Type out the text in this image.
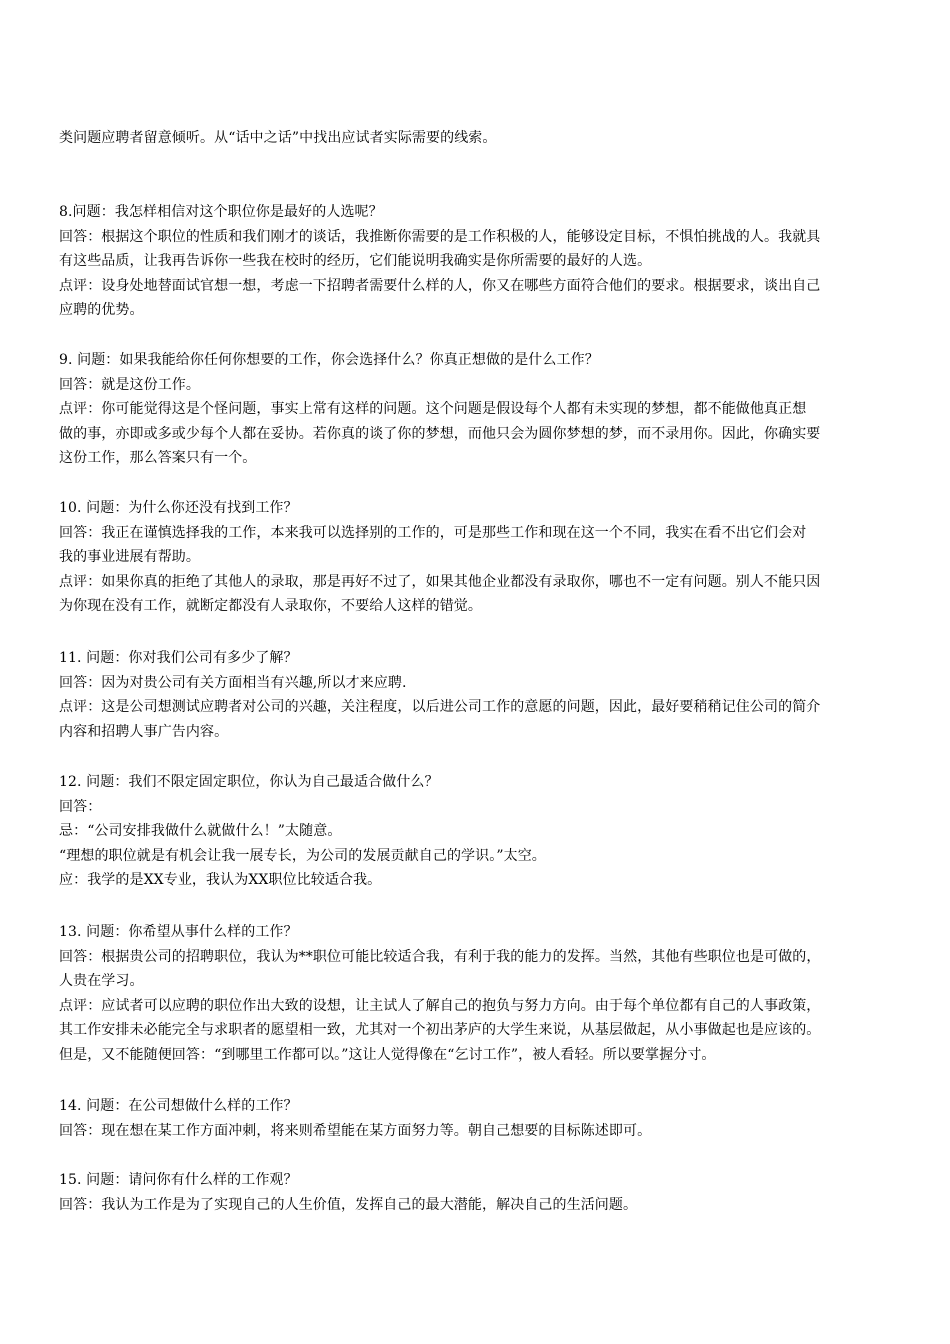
类问题应聘者留意倾听。从“话中之话”中找出应试者实际需要的线索。
8.问题：我怎样相信对这个职位你是最好的人选呢？
回答：根据这个职位的性质和我们刚才的谈话，我推断你需要的是工作积极的人，能够设定目标，不惧怕挑战的人。我就具
有这些品质，让我再告诉你一些我在校时的经历，它们能说明我确实是你所需要的最好的人选。
点评：设身处地替面试官想一想，考虑一下招聘者需要什么样的人，你又在哪些方面符合他们的要求。根据要求，谈出自己
应聘的优势。
9. 问题：如果我能给你任何你想要的工作，你会选择什么？你真正想做的是什么工作？
回答：就是这份工作。
点评：你可能觉得这是个怪问题，事实上常有这样的问题。这个问题是假设每个人都有未实现的梦想，都不能做他真正想
做的事，亦即或多或少每个人都在妥协。若你真的谈了你的梦想，而他只会为圆你梦想的梦，而不录用你。因此，你确实要
这份工作，那么答案只有一个。
10. 问题：为什么你还没有找到工作？
回答：我正在谨慎选择我的工作，本来我可以选择别的工作的，可是那些工作和现在这一个不同，我实在看不出它们会对
我的事业进展有帮助。
点评：如果你真的拒绝了其他人的录取，那是再好不过了，如果其他企业都没有录取你，哪也不一定有问题。别人不能只因
为你现在没有工作，就断定都没有人录取你，不要给人这样的错觉。
11. 问题：你对我们公司有多少了解？
回答：因为对贵公司有关方面相当有兴趣,所以才来应聘.
点评：这是公司想测试应聘者对公司的兴趣，关注程度，以后进公司工作的意愿的问题，因此，最好要稍稍记住公司的简介
内容和招聘人事广告内容。
12. 问题：我们不限定固定职位，你认为自己最适合做什么？
回答：
忌：“公司安排我做什么就做什么！”太随意。
“理想的职位就是有机会让我一展专长，为公司的发展贡献自己的学识。”太空。
应：我学的是XX专业，我认为XX职位比较适合我。
13. 问题：你希望从事什么样的工作？
回答：根据贵公司的招聘职位，我认为**职位可能比较适合我，有利于我的能力的发挥。当然，其他有些职位也是可做的，
人贵在学习。
点评：应试者可以应聘的职位作出大致的设想，让主试人了解自己的抱负与努力方向。由于每个单位都有自己的人事政策，
其工作安排未必能完全与求职者的愿望相一致，尤其对一个初出茅庐的大学生来说，从基层做起，从小事做起也是应该的。
但是，又不能随便回答：“到哪里工作都可以。”这让人觉得像在“乞讨工作”，被人看轻。所以要掌握分寸。
14. 问题：在公司想做什么样的工作？
回答：现在想在某工作方面冲刺，将来则希望能在某方面努力等。朝自己想要的目标陈述即可。
15. 问题：请问你有什么样的工作观？
回答：我认为工作是为了实现自己的人生价值，发挥自己的最大潜能，解决自己的生活问题。
